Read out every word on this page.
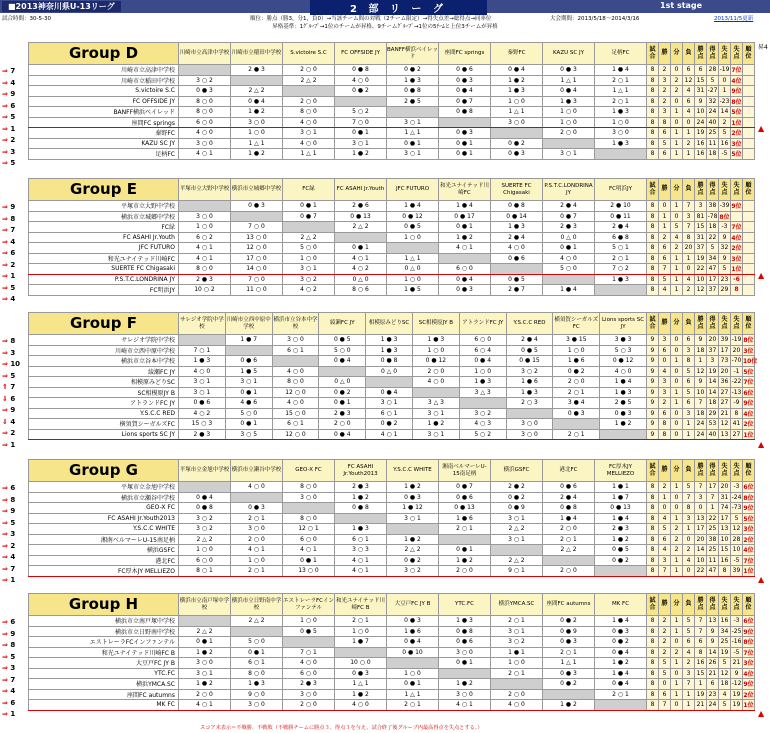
■2013神奈川県U-13リーグ	2 部 リ ー グ	1st stage
試合時間：30-5-30	順位：勝点（勝3，分1，負0）→当該チーム間の対戦（2チーム限定）→得失点差→総得点→同率位	大会期間：2013/5/18～2014/3/16	2013/11/5更新
昇格基準：1ｸﾞﾙｰﾌﾟ→1位のチームが昇格、9チームｸﾞﾙｰﾌﾟ→1位の5ﾁｰﾑと上位3チームが昇格
昇4
Group D	川崎市立高津中学校	川崎市立稲田中学校	S.victoire S.C	FC OFFSIDE JY	BANFF横浜ベイレッド	座間FC springs	秦野FC	KAZU SC JY	足柄FC	試合	勝	分	負	勝点	得点	失点	失点	順位
川崎市立高津中学校		2 ● 3	2 ○ 0	0 ● 8	0 ● 2	0 ● 6	0 ● 4	0 ● 3	1 ● 4	8	2	0	6	6	28	-19	7位	
川崎市立稲田中学校	3 ○ 2		2 △ 2	4 ○ 0	1 ● 3	0 ● 3	1 ● 2	1 △ 1	2 ○ 1	8	3	2	12	15	5	0	4位	
S.victoire S.C	0 ● 3	2 △ 2		0 ● 2	0 ● 8	0 ● 4	1 ● 3	0 ● 4	1 △ 1	8	2	2	4	31	-27	1	9位	
FC OFFSIDE JY	8 ○ 0	0 ● 4	2 ○ 0		2 ● 5	0 ● 7	1 ○ 0	1 ● 3	2 ○ 1	8	2	0	6	9	32	-23	8位	
BANFF横浜ベイレッド	8 ○ 0	1 ● 2	8 ○ 0	5 ○ 2		0 ● 8	1 △ 1	1 ○ 0	1 ● 3	8	3	1	4	10	24	14	5位	
座間FC springs	6 ○ 0	3 ○ 0	4 ○ 0	7 ○ 0	3 ○ 1		3 ○ 0	1 ○ 0	1 ○ 0	8	8	0	0	24	40	2	1位	
秦野FC	4 ○ 0	1 ○ 0	3 ○ 1	0 ● 1	1 △ 1	0 ● 3		2 ○ 0	3 ○ 0	8	6	1	1	19	25	5	2位	
KAZU SC JY	3 ○ 0	1 △ 1	4 ○ 0	3 ○ 1	0 ● 1	0 ● 1	0 ● 2		1 ● 3	8	5	1	2	16	11	16	3位	
足柄FC	4 ○ 1	1 ● 2	1 △ 1	1 ● 2	3 ○ 1	0 ● 1	0 ● 3	3 ○ 1		8	6	1	1	16	18	-5	5位	
Group E	平塚市立大野中学校	横浜市立城郷中学校	FC緑	FC ASAHI Jr.Youth	JFC FUTURO	和光ユナイテッド川崎FC	SUERTE FC Chigasaki	P.S.T.C.LONDRINA JY	FC明浜JY	試合	勝	分	負	勝点	得点	失点	失点	順位
平塚市立大野中学校		0 ● 3	0 ● 1	2 ● 6	1 ● 4	1 ● 4	0 ● 8	2 ● 4	2 ● 10	8	0	1	7	3	38	-39	9位	
横浜市立城郷中学校	3 ○ 0		0 ● 7	0 ● 13	0 ● 12	0 ● 17	0 ● 14	0 ● 7	0 ● 11	8	1	0	3	81	-78	8位		
FC緑	1 ○ 0	7 ○ 0		2 △ 2	0 ● 5	0 ● 1	1 ● 3	2 ● 3	2 ● 4	8	1	5	7	15	18	-3	7位	
FC ASAHI Jr.Youth	6 ○ 2	13 ○ 0	2 △ 2		1 ○ 0	1 ● 2	2 ● 4	0 △ 0	6 ● 8	8	2	4	8	31	22	9	4位	
JFC FUTURO	4 ○ 1	12 ○ 0	5 ○ 0	0 ● 1		4 ○ 1	4 ○ 0	0 ● 1	5 ○ 1	8	6	2	20	37	5	32	2位	
和光ユナイテッド川崎FC	4 ○ 1	17 ○ 0	1 ○ 0	4 ○ 1	1 △ 1		0 ● 6	4 ○ 0	2 ○ 1	8	6	1	1	19	34	9	3位	
SUERTE FC Chigasaki	8 ○ 0	14 ○ 0	3 ○ 1	4 ○ 2	0 △ 0	6 ○ 0		5 ○ 0	7 ○ 2	8	7	1	0	22	47	5	1位	
P.S.T.C.LONDRINA JY	2 ● 3	7 ○ 0	3 ○ 2	0 △ 0	1 ○ 0	0 ● 4	0 ● 5		1 ● 3	8	5	1	4	10	17	23	-6	
FC明浜JY	10 ○ 2	11 ○ 0	4 ○ 2	8 ○ 6	1 ● 5	0 ● 3	2 ● 7	1 ● 4		8	4	1	2	12	37	29	8	
Group F	サレジオ学院中学校	川崎市立西中原中学校	横浜市立谷本中学校	綾瀬FC JY	相模原みどりSC	SC相模原JY B	アトランドFC JY	Y.S.C.C RED	横須賀シーガルズFC	Lions sports SC JY	試合	勝	分	負	勝点	得点	失点	失点	順位
サレジオ学院中学校		1 ● 7	3 ○ 0	0 ● 5	1 ● 3	1 ● 3	6 ○ 0	2 ● 4	3 ● 15	3 ● 3	9	3	0	6	9	20	39	-19	8位
川崎市立西中原中学校	7 ○ 1		6 ○ 1	5 ○ 0	1 ● 3	1 ○ 0	6 ○ 4	0 ● 5	1 ○ 0	5 ○ 3	9	6	0	3	18	37	17	20	3位
横浜市立谷本中学校	1 ● 3	0 ● 6		0 ● 4	0 ● 8	0 ● 12	0 ● 4	0 ● 15	1 ● 6	0 ● 12	9	0	1	8	1	3	73	-70	10位
綾瀬FC JY	4 ○ 0	1 ● 5	4 ○ 0		0 △ 0	2 ○ 0	1 ○ 0	3 ○ 2	0 ● 2	4 ○ 0	9	4	0	5	12	19	20	-1	5位
相模原みどりSC	3 ○ 1	3 ○ 1	8 ○ 0	0 △ 0		4 ○ 0	1 ● 3	1 ● 6	2 ○ 0	1 ● 4	9	3	0	6	9	14	36	-22	7位
SC相模原JY B	3 ○ 1	0 ● 1	12 ○ 0	0 ● 2	0 ● 4		3 △ 3	1 ● 3	2 ○ 1	1 ● 3	9	3	1	5	10	14	27	-13	6位
アトランドFC JY	0 ● 6	4 ● 6	4 ○ 0	0 ● 1	3 ○ 1	3 △ 3		2 ○ 3	3 ● 4	2 ● 5	9	2	1	6	7	18	27	-9	9位
Y.S.C.C RED	4 ○ 2	5 ○ 0	15 ○ 0	2 ● 3	6 ○ 1	3 ○ 1	3 ○ 2		0 ● 3	0 ● 3	9	6	0	3	18	29	21	8	4位
横須賀シーガルズFC	15 ○ 3	0 ● 1	6 ○ 1	2 ○ 0	0 ● 2	1 ● 2	4 ○ 3	3 ○ 0		1 ● 2	9	8	0	1	24	53	12	41	2位
Lions sports SC JY	2 ● 3	3 ○ 5	12 ○ 0	0 ● 4	4 ○ 1	3 ○ 1	5 ○ 2	3 ○ 0	2 ○ 1		9	8	0	1	24	40	13	27	1位
Group G	平塚市立金旭中学校	横浜市立瀬谷中学校	GEO-X FC	FC ASAHI Jr.Youth2013	Y.S.C.C WHITE	湘南ベルマーレU-15南足柄	横浜GSFC	港北FC	FC厚木JY MELLIEZO	試合	勝	分	負	勝点	得点	失点	失点	順位
平塚市立金旭中学校		4 ○ 0	8 ○ 0	2 ● 3	1 ● 2	0 ● 7	2 ● 2	0 ● 6	1 ● 1	8	2	1	5	7	17	20	-3	6位
横浜市立瀬谷中学校	0 ● 4		3 ○ 0	1 ● 2	0 ● 3	0 ● 6	0 ● 2	2 ● 4	1 ● 7	8	1	0	7	3	7	31	-24	8位
GEO-X FC	0 ● 8	0 ● 3		0 ● 8	1 ● 12	0 ● 13	0 ● 9	0 ● 8	0 ● 13	8	0	0	8	0	1	74	-73	9位
FC ASAHI Jr.Youth2013	3 ○ 2	2 ○ 1	8 ○ 0		3 ○ 1	1 ● 6	3 ○ 1	1 ● 4	1 ● 4	8	4	1	3	13	22	17	5	5位
Y.S.C.C WHITE	3 ○ 2	3 ○ 0	12 ○ 1	1 ● 3		2 ○ 1	2 △ 2	2 ○ 0	2 ● 3	8	5	2	1	17	25	13	12	3位
湘南ベルマーレU-15南足柄	2 △ 2	2 ○ 0	6 ○ 0	6 ○ 1	1 ● 2		3 ○ 1	2 ○ 1	1 ● 2	8	6	2	0	20	38	10	28	2位
横浜GSFC	1 ○ 0	4 ○ 1	4 ○ 1	3 ○ 3	2 △ 2	0 ● 1		2 △ 2	0 ● 5	8	4	2	2	14	25	15	10	4位
港北FC	6 ○ 0	1 ○ 0	0 ● 1	4 ○ 1	0 ● 2	1 ● 2	2 △ 2		0 ● 2	8	3	1	4	10	11	16	-5	7位
FC厚木JY MELLIEZO	8 ○ 1	2 ○ 1	13 ○ 0	4 ○ 1	3 ○ 2	2 ○ 0	9 ○ 1	2 ○ 0		8	7	1	0	22	47	8	39	1位
Group H	横浜市立南戸塚中学校	横浜市立日野南中学校	エストレーラFCインファンテル	和光ユナイテッド川崎FC B	大豆戸FC JY B	YTC.FC	横浜YMCA.SC	座間FC autumns	MK FC	試合	勝	分	負	勝点	得点	失点	失点	順位
横浜市立南戸塚中学校		2 △ 2	1 ○ 0	2 ○ 1	0 ● 3	1 ● 3	2 ○ 1	0 ● 2	1 ● 4	8	2	1	5	7	13	16	-3	6位
横浜市立日野南中学校	2 △ 2		0 ● 5	1 ○ 0	1 ● 6	0 ● 8	3 ○ 1	0 ● 9	0 ● 3	8	2	1	5	7	9	34	-25	9位
エストレーラFCインファンテル	0 ● 1	5 ○ 0		1 ● 7	0 ● 4	0 ● 6	3 ○ 2	0 ● 3	0 ● 2	8	2	0	6	6	9	25	-16	8位
和光ユナイテッド川崎FC B	1 ● 2	0 ● 1	7 ○ 1		0 ● 10	3 ○ 0	1 ● 1	2 ○ 1	0 ● 4	8	2	2	4	8	14	19	-5	7位
大豆戸FC JY B	3 ○ 0	6 ○ 1	4 ○ 0	10 ○ 0		0 ● 1	1 ○ 0	1 △ 1	1 ● 2	8	5	1	2	16	26	5	21	3位
YTC.FC	3 ○ 1	8 ○ 0	6 ○ 0	0 ● 3	1 ○ 0		2 ○ 1	0 ● 3	1 ● 4	8	5	0	3	15	21	12	9	4位
横浜YMCA.SC	1 ● 2	1 ● 3	2 ● 3	1 △ 1	0 ● 1	1 ● 2		0 ● 2	0 ● 4	8	0	1	7	1	6	18	-12	9位
座間FC autumns	2 ○ 0	9 ○ 0	3 ○ 0	1 ● 2	1 △ 1	3 ○ 0	2 ○ 0		2 ○ 1	8	6	1	1	19	23	4	19	2位
MK FC	4 ○ 1	3 ○ 0	2 ○ 0	4 ○ 0	2 ○ 1	4 ○ 1	4 ○ 0	1 ● 2		8	7	0	1	21	24	5	19	1位
スコア未表示＝不戦勝、不戦敗（不戦勝チームに勝点３、得点３を与え、試合終了後グループ内最高得点を失点とする。）
⇒ 7
⇒ 4
⇒ 9
⇒ 6
⇒ 5
⇒ 1
⇒ 2
⇒ 3
⇒ 5
▲
⇒ 9
⇒ 8
⇒ 7
⇒ 4
⇒ 6
⇒ 2
⇒ 1
⇒ 5
⇒ 4
▲
⇒ 8
⇒ 3
⇒ 10
⇒ 5
⇑ 7
⇓ 6
⇒ 9
⇓ 4
⇒ 2
⇒ 1	▲
⇒ 6
⇒ 8
⇒ 9
⇒ 5
⇒ 3
⇒ 2
⇒ 4
⇒ 7
⇒ 1	▲
⇒ 6
⇒ 9
⇒ 8
⇒ 5
⇒ 3
⇒ 7
⇒ 4
⇒ 6
⇒ 1	▲
